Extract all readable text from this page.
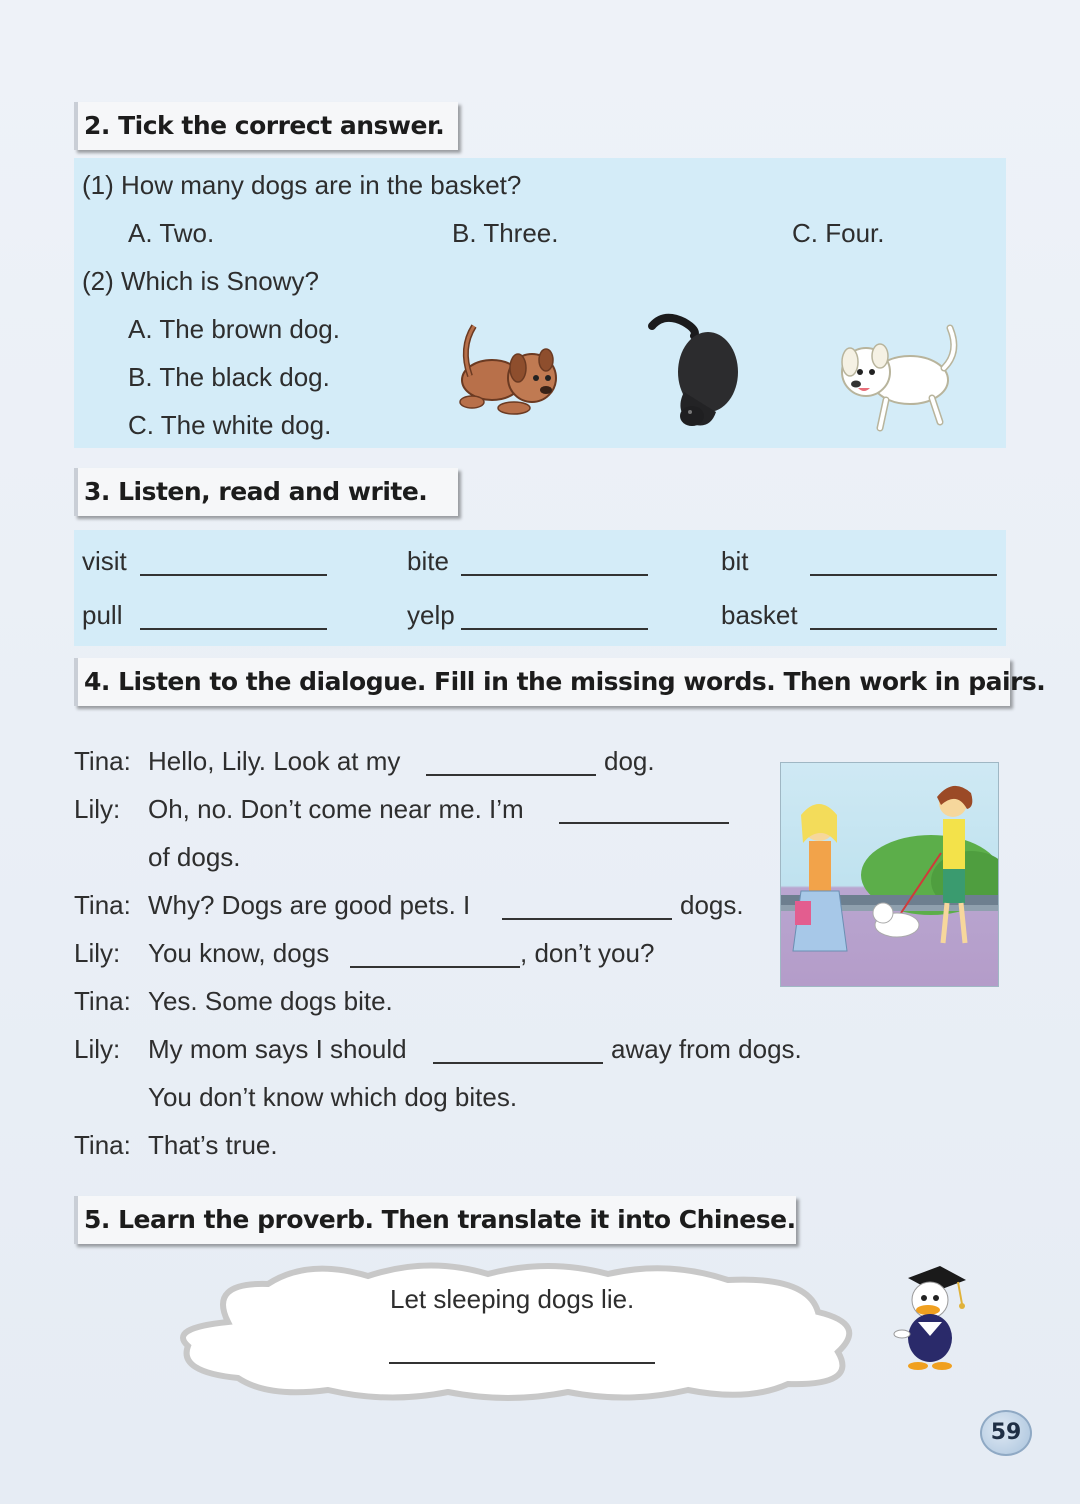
2. Tick the correct answer.
(1) How many dogs are in the basket?
A. Two.	B. Three.	C. Four.
(2) Which is Snowy?
A. The brown dog.
B. The black dog.
C. The white dog.
3. Listen, read and write.
visit	bite	bit
pull	yelp	basket
4. Listen to the dialogue. Fill in the missing words. Then work in pairs.
Tina: Hello, Lily. Look at my	dog.
Lily: Oh, no. Don’t come near me. I’m
of dogs.
Tina: Why? Dogs are good pets. I	dogs.
Lily: You know, dogs	, don’t you?
Tina: Yes. Some dogs bite.
Lily: My mom says I should	away from dogs.
You don’t know which dog bites.
Tina: That’s true.
5. Learn the proverb. Then translate it into Chinese.
Let sleeping dogs lie.
59
